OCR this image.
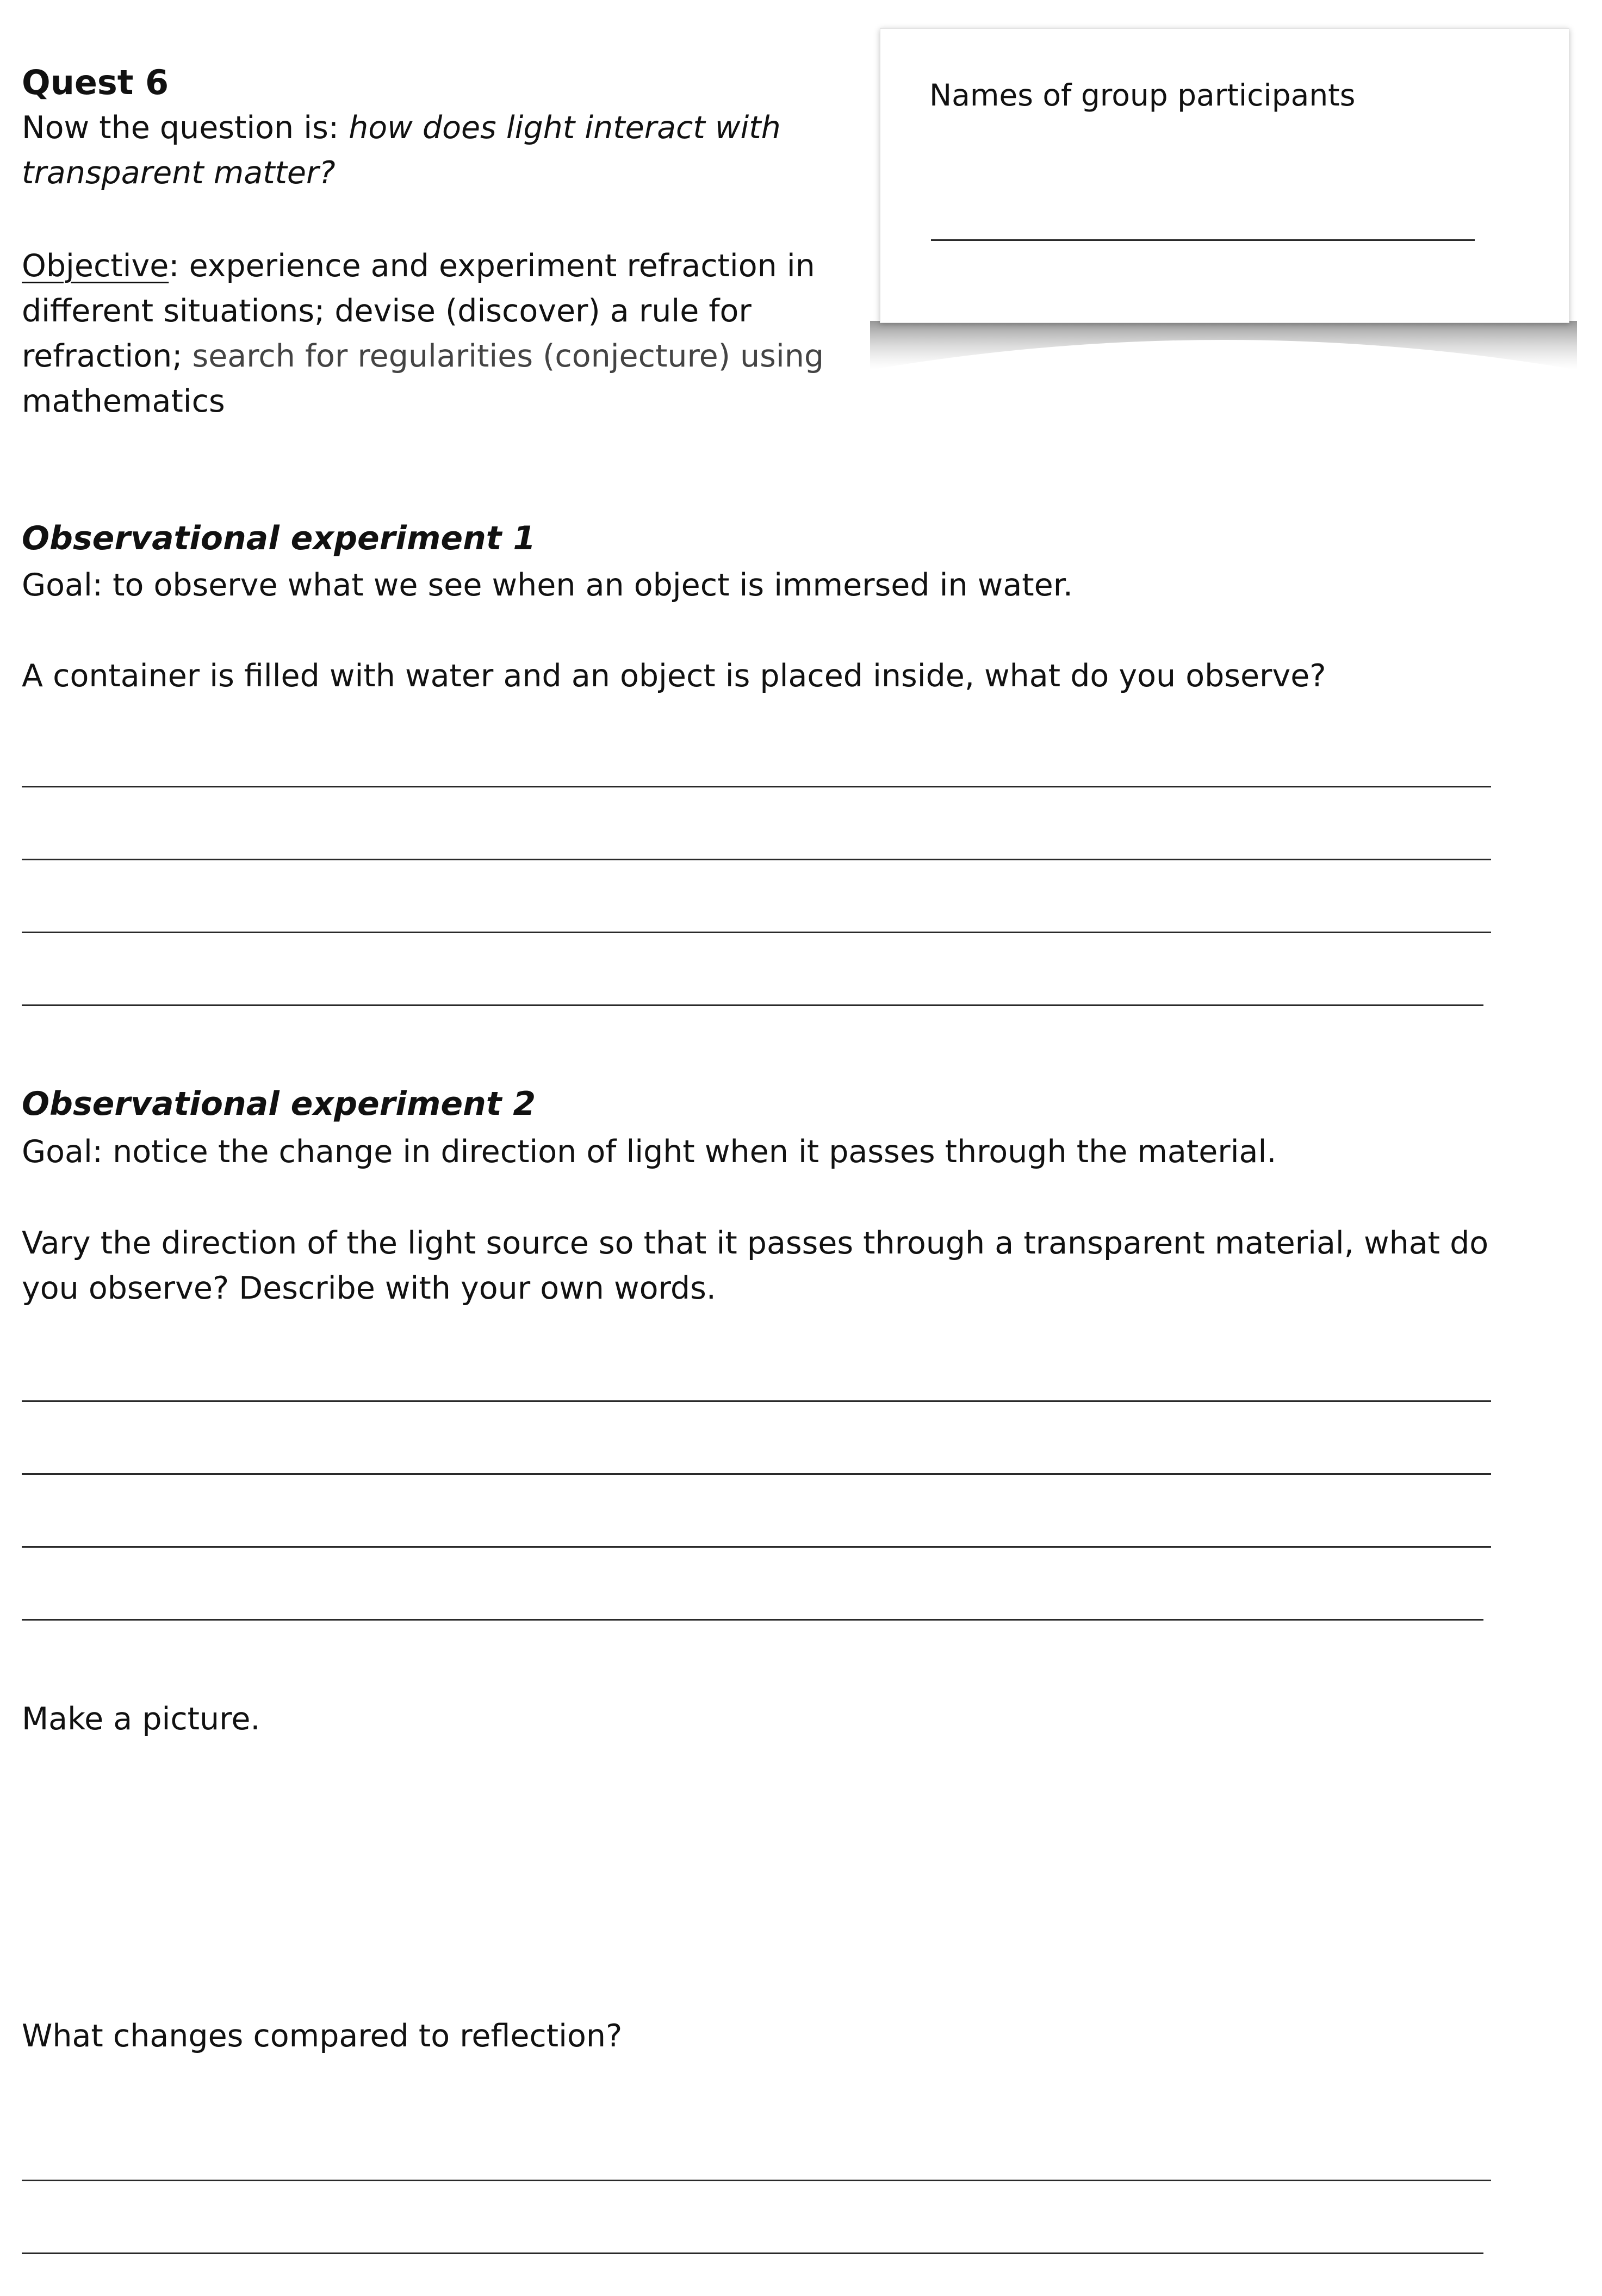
Quest 6
Now the question is: how does light interact with
transparent matter?
Objective: experience and experiment refraction in
different situations; devise (discover) a rule for
refraction; search for regularities (conjecture) using
mathematics
Names of group participants
Observational experiment 1
Goal: to observe what we see when an object is immersed in water.
A container is filled with water and an object is placed inside, what do you observe?
Observational experiment 2
Goal: notice the change in direction of light when it passes through the material.
Vary the direction of the light source so that it passes through a transparent material, what do
you observe? Describe with your own words.
Make a picture.
What changes compared to reflection?
